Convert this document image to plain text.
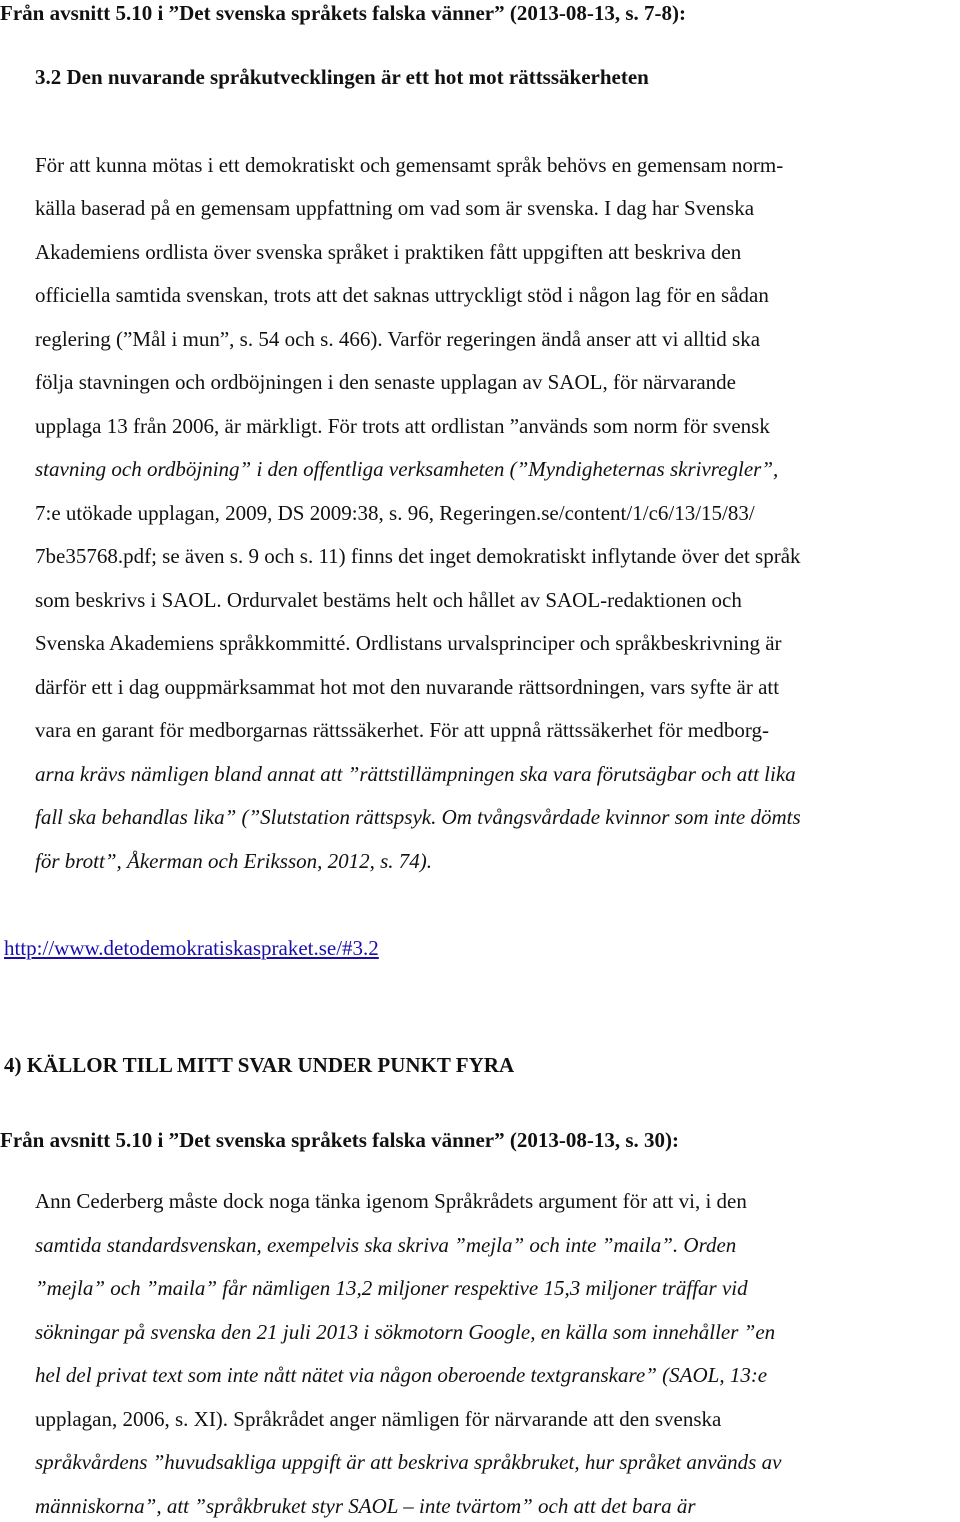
Från avsnitt 5.10 i ”Det svenska språkets falska vänner” (2013-08-13, s. 7-8):
3.2 Den nuvarande språkutvecklingen är ett hot mot rättssäkerheten
För att kunna mötas i ett demokratiskt och gemensamt språk behövs en gemensam norm-
källa baserad på en gemensam uppfattning om vad som är svenska. I dag har Svenska
Akademiens ordlista över svenska språket i praktiken fått uppgiften att beskriva den
officiella samtida svenskan, trots att det saknas uttryckligt stöd i någon lag för en sådan
reglering (”Mål i mun”, s. 54 och s. 466). Varför regeringen ändå anser att vi alltid ska
följa stavningen och ordböjningen i den senaste upplagan av SAOL, för närvarande
upplaga 13 från 2006, är märkligt. För trots att ordlistan ”används som norm för svensk
stavning och ordböjning” i den offentliga verksamheten (”Myndigheternas skrivregler”,
7:e utökade upplagan, 2009, DS 2009:38, s. 96, Regeringen.se/content/1/c6/13/15/83/
7be35768.pdf; se även s. 9 och s. 11) finns det inget demokratiskt inflytande över det språk
som beskrivs i SAOL. Ordurvalet bestäms helt och hållet av SAOL-redaktionen och
Svenska Akademiens språkkommitté. Ordlistans urvalsprinciper och språkbeskrivning är
därför ett i dag ouppmärksammat hot mot den nuvarande rättsordningen, vars syfte är att
vara en garant för medborgarnas rättssäkerhet. För att uppnå rättssäkerhet för medborg-
arna krävs nämligen bland annat att ”rättstillämpningen ska vara förutsägbar och att lika
fall ska behandlas lika” (”Slutstation rättspsyk. Om tvångsvårdade kvinnor som inte dömts
för brott”, Åkerman och Eriksson, 2012, s. 74).
http://www.detodemokratiskaspraket.se/#3.2
4) KÄLLOR TILL MITT SVAR UNDER PUNKT FYRA
Från avsnitt 5.10 i ”Det svenska språkets falska vänner” (2013-08-13, s. 30):
Ann Cederberg måste dock noga tänka igenom Språkrådets argument för att vi, i den
samtida standardsvenskan, exempelvis ska skriva ”mejla” och inte ”maila”. Orden
”mejla” och ”maila” får nämligen 13,2 miljoner respektive 15,3 miljoner träffar vid
sökningar på svenska den 21 juli 2013 i sökmotorn Google, en källa som innehåller ”en
hel del privat text som inte nått nätet via någon oberoende textgranskare” (SAOL, 13:e
upplagan, 2006, s. XI). Språkrådet anger nämligen för närvarande att den svenska
språkvårdens ”huvudsakliga uppgift är att beskriva språkbruket, hur språket används av
människorna”, att ”språkbruket styr SAOL – inte tvärtom” och att det bara är
